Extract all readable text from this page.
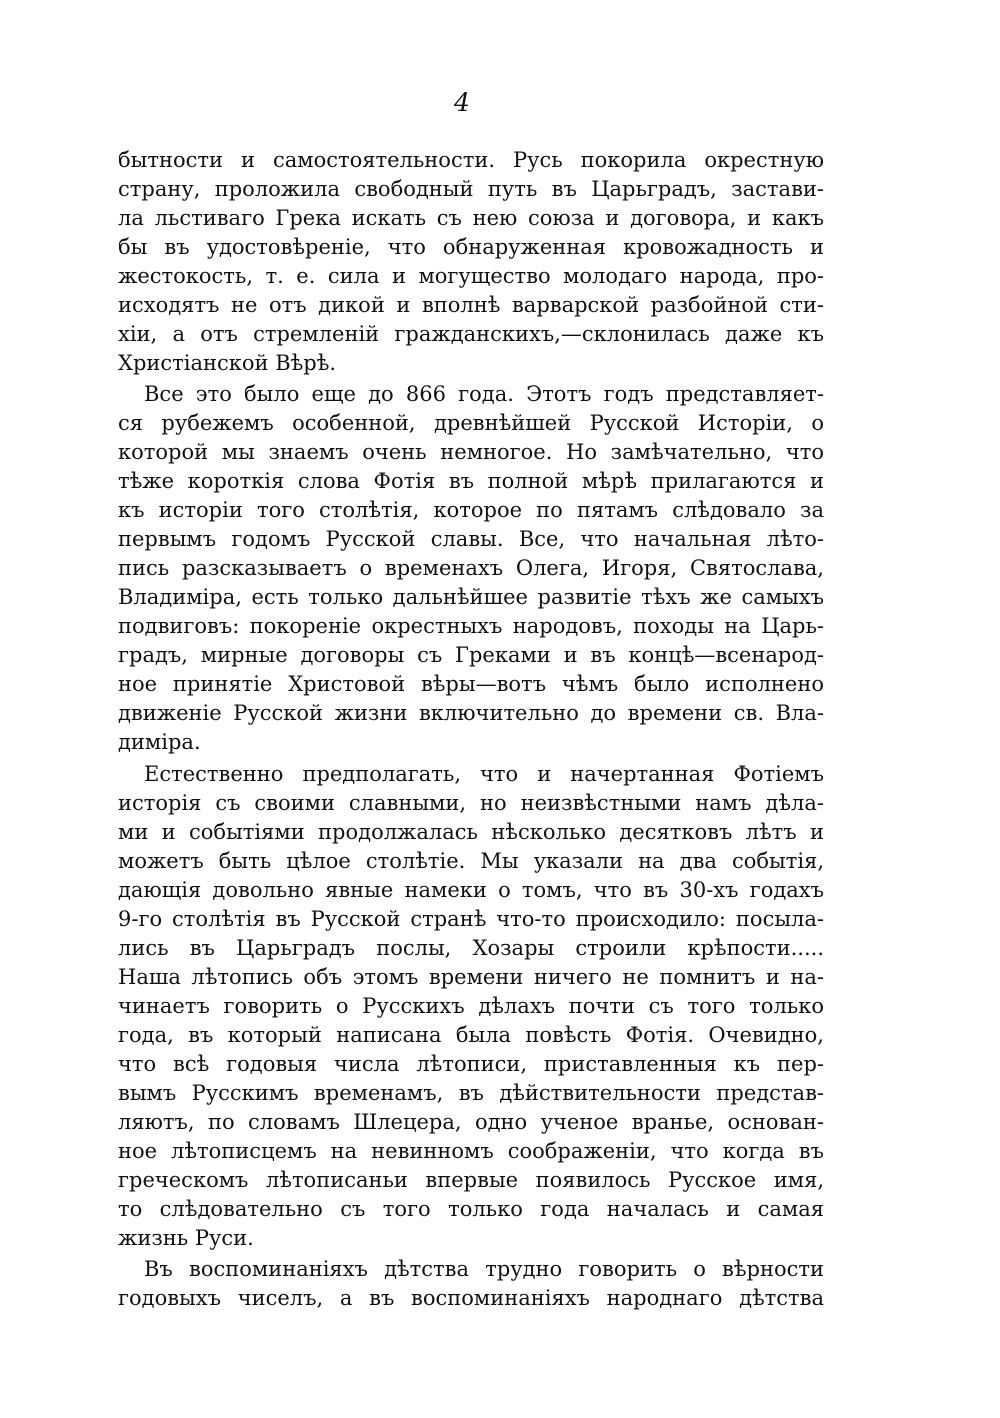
4
бытности и самостоятельности. Русь покорила окрестную
страну, проложила свободный путь въ Царьградъ, застави-
ла льстиваго Грека искать съ нею союза и договора, и какъ
бы въ удостовѣреніе, что обнаруженная кровожадность и
жестокость, т. е. сила и могущество молодаго народа, про-
исходятъ не отъ дикой и вполнѣ варварской разбойной сти-
хіи, а отъ стремленій гражданскихъ,—склонилась даже къ
Христіанской Вѣрѣ.
Все это было еще до 866 года. Этотъ годъ представляет-
ся рубежемъ особенной, древнѣйшей Русской Исторіи, о
которой мы знаемъ очень немногое. Но замѣчательно, что
тѣже короткія слова Фотія въ полной мѣрѣ прилагаются и
къ исторіи того столѣтія, которое по пятамъ слѣдовало за
первымъ годомъ Русской славы. Все, что начальная лѣто-
пись разсказываетъ о временахъ Олега, Игоря, Святослава,
Владиміра, есть только дальнѣйшее развитіе тѣхъ же самыхъ
подвиговъ: покореніе окрестныхъ народовъ, походы на Царь-
градъ, мирные договоры съ Греками и въ концѣ—всенарод-
ное принятіе Христовой вѣры—вотъ чѣмъ было исполнено
движеніе Русской жизни включительно до времени св. Вла-
диміра.
Естественно предполагать, что и начертанная Фотіемъ
исторія съ своими славными, но неизвѣстными намъ дѣла-
ми и событіями продолжалась нѣсколько десятковъ лѣтъ и
можетъ быть цѣлое столѣтіе. Мы указали на два событія,
дающія довольно явные намеки о томъ, что въ 30-хъ годахъ
9-го столѣтія въ Русской странѣ что-то происходило: посыла-
лись въ Царьградъ послы, Хозары строили крѣпости.....
Наша лѣтопись объ этомъ времени ничего не помнитъ и на-
чинаетъ говорить о Русскихъ дѣлахъ почти съ того только
года, въ который написана была повѣсть Фотія. Очевидно,
что всѣ годовыя числа лѣтописи, приставленныя къ пер-
вымъ Русскимъ временамъ, въ дѣйствительности представ-
ляютъ, по словамъ Шлецера, одно ученое вранье, основан-
ное лѣтописцемъ на невинномъ соображеніи, что когда въ
греческомъ лѣтописаньи впервые появилось Русское имя,
то слѣдовательно съ того только года началась и самая
жизнь Руси.
Въ воспоминаніяхъ дѣтства трудно говорить о вѣрности
годовыхъ чиселъ, а въ воспоминаніяхъ народнаго дѣтства
